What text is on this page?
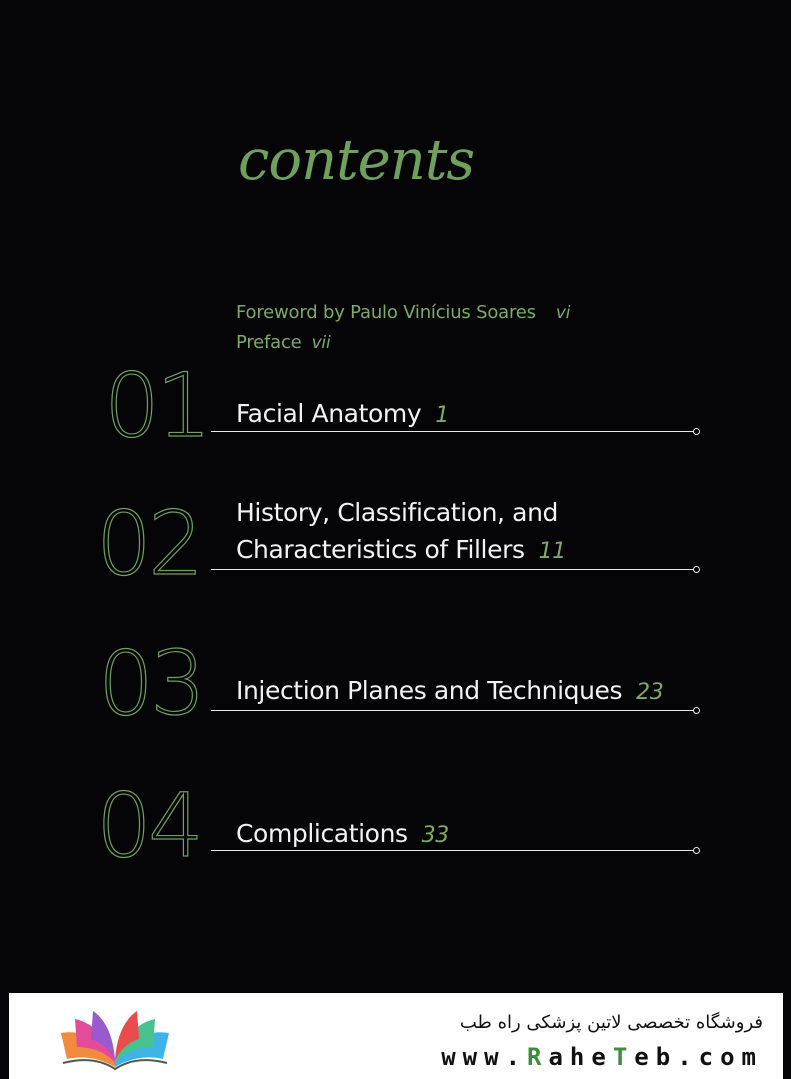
contents
Foreword by Paulo Vinícius Soares vi
Preface vii
01 Facial Anatomy 1
02 History, Classification, and
Characteristics of Fillers 11
03 Injection Planes and Techniques 23
04 Complications 33
فروشگاه تخصصی لاتین پزشکی راه طب
www.RaheTeb.com
